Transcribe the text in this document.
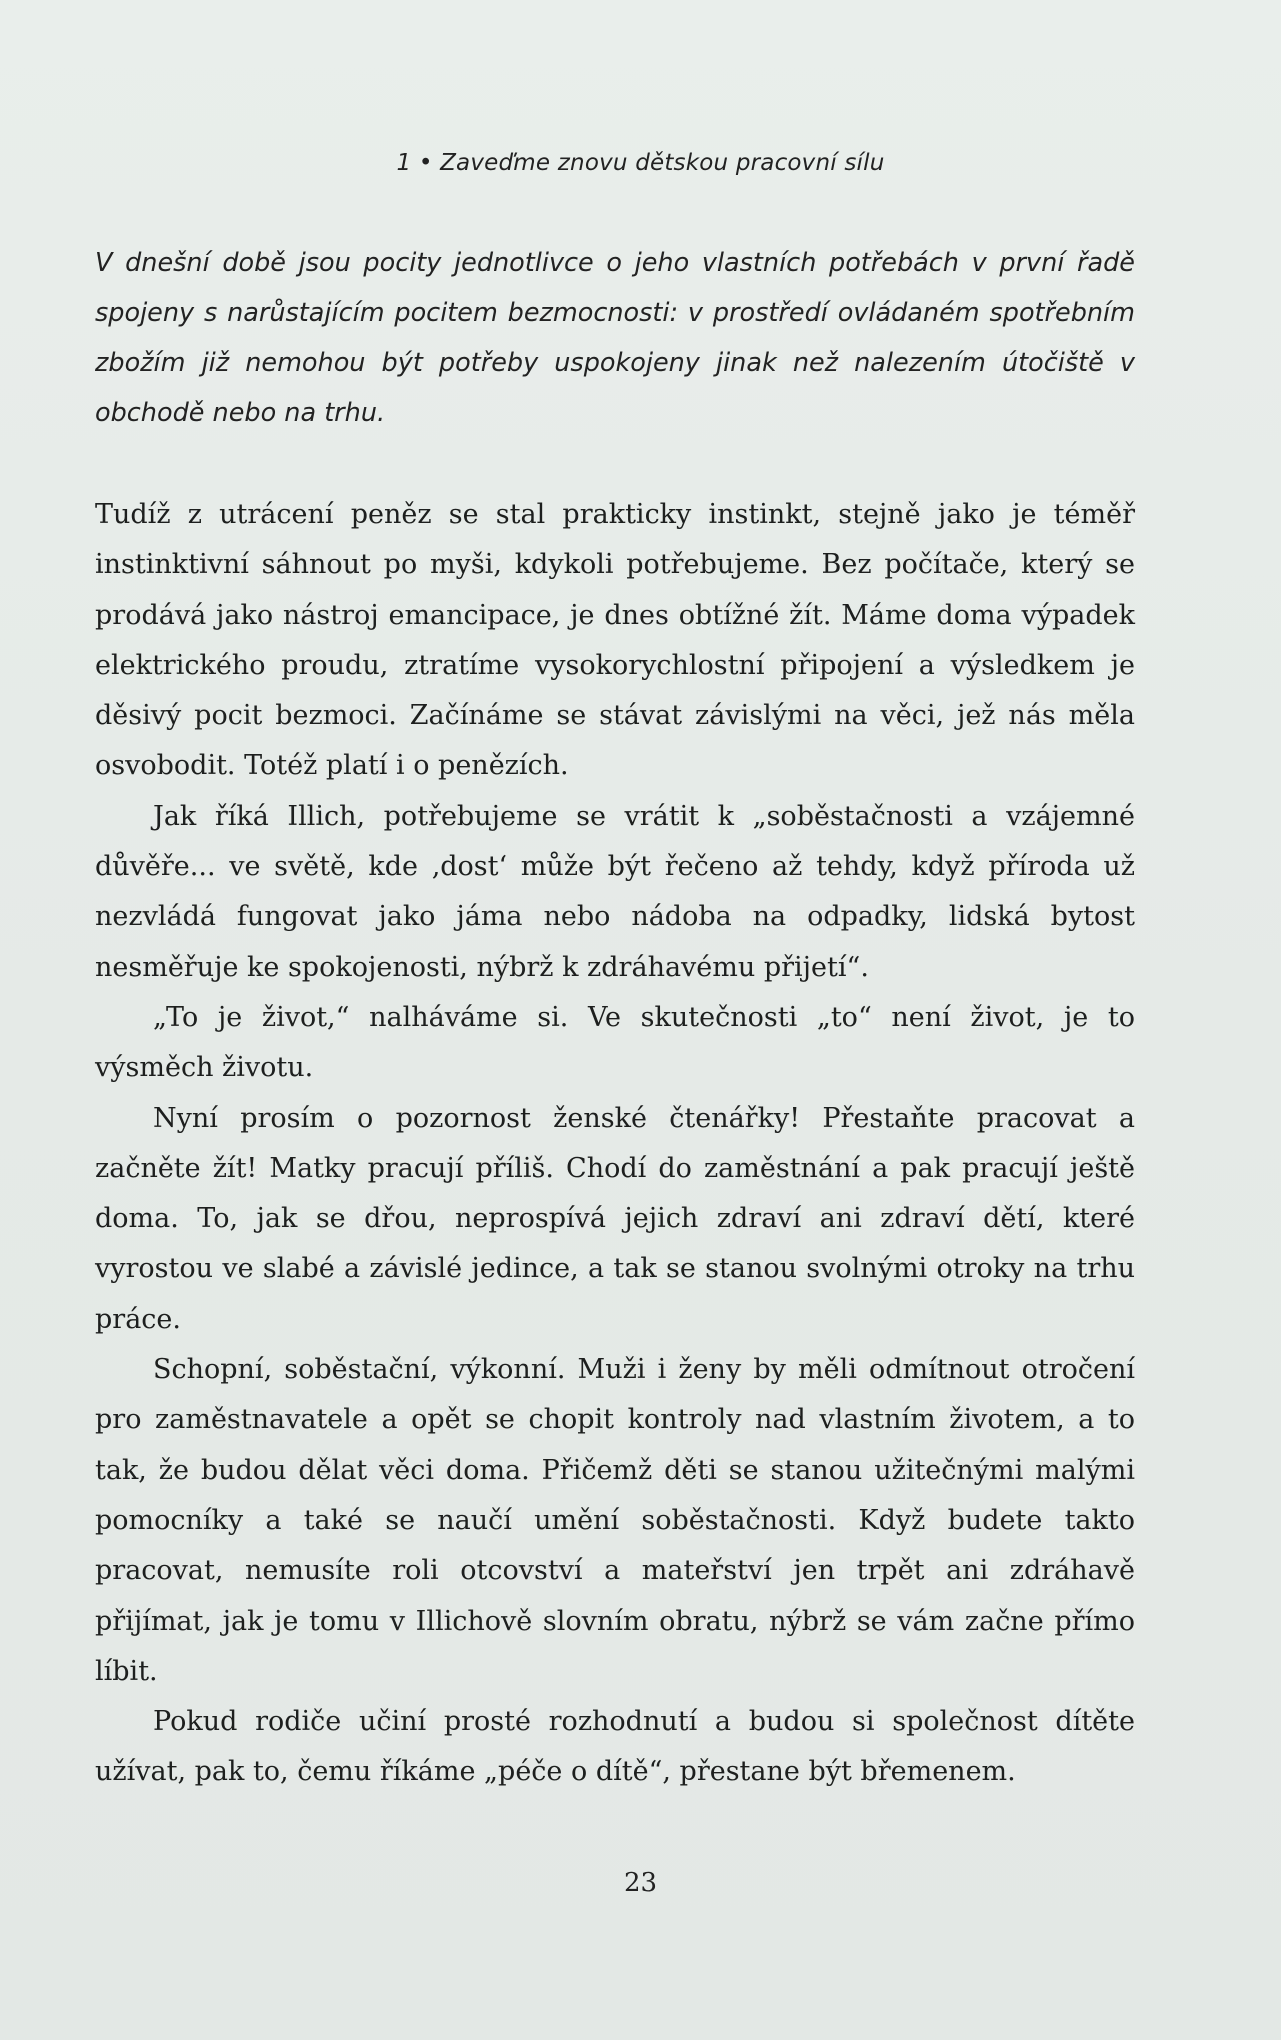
1 • Zaveďme znovu dětskou pracovní sílu
V dnešní době jsou pocity jednotlivce o jeho vlastních potřebách v první řadě spojeny s narůstajícím pocitem bezmocnosti: v prostředí ovládaném spotřebním zbožím již nemohou být potřeby uspokojeny jinak než nalezením útočiště v obchodě nebo na trhu.

Tudíž z utrácení peněz se stal prakticky instinkt, stejně jako je téměř instinktivní sáhnout po myši, kdykoli potřebujeme. Bez počítače, který se prodává jako nástroj emancipace, je dnes obtížné žít. Máme doma výpadek elektrického proudu, ztratíme vysokorychlostní připojení a výsledkem je děsivý pocit bezmoci. Začínáme se stávat závislými na věci, jež nás měla osvobodit. Totéž platí i o penězích.

Jak říká Illich, potřebujeme se vrátit k „soběstačnosti a vzájemné důvěře... ve světě, kde ‚dost‘ může být řečeno až tehdy, když příroda už nezvládá fungovat jako jáma nebo nádoba na odpadky, lidská bytost nesměřuje ke spokojenosti, nýbrž k zdráhavému přijetí“.

„To je život,“ nalháváme si. Ve skutečnosti „to“ není život, je to výsměch životu.

Nyní prosím o pozornost ženské čtenářky! Přestaňte pracovat a začněte žít! Matky pracují příliš. Chodí do zaměstnání a pak pracují ještě doma. To, jak se dřou, neprospívá jejich zdraví ani zdraví dětí, které vyrostou ve slabé a závislé jedince, a tak se stanou svolnými otroky na trhu práce.

Schopní, soběstační, výkonní. Muži i ženy by měli odmítnout otročení pro zaměstnavatele a opět se chopit kontroly nad vlastním životem, a to tak, že budou dělat věci doma. Přičemž děti se stanou užitečnými malými pomocníky a také se naučí umění soběstačnosti. Když budete takto pracovat, nemusíte roli otcovství a mateřství jen trpět ani zdráhavě přijímat, jak je tomu v Illichově slovním obratu, nýbrž se vám začne přímo líbit.

Pokud rodiče učiní prosté rozhodnutí a budou si společnost dítěte užívat, pak to, čemu říkáme „péče o dítě“, přestane být břemenem.

23
